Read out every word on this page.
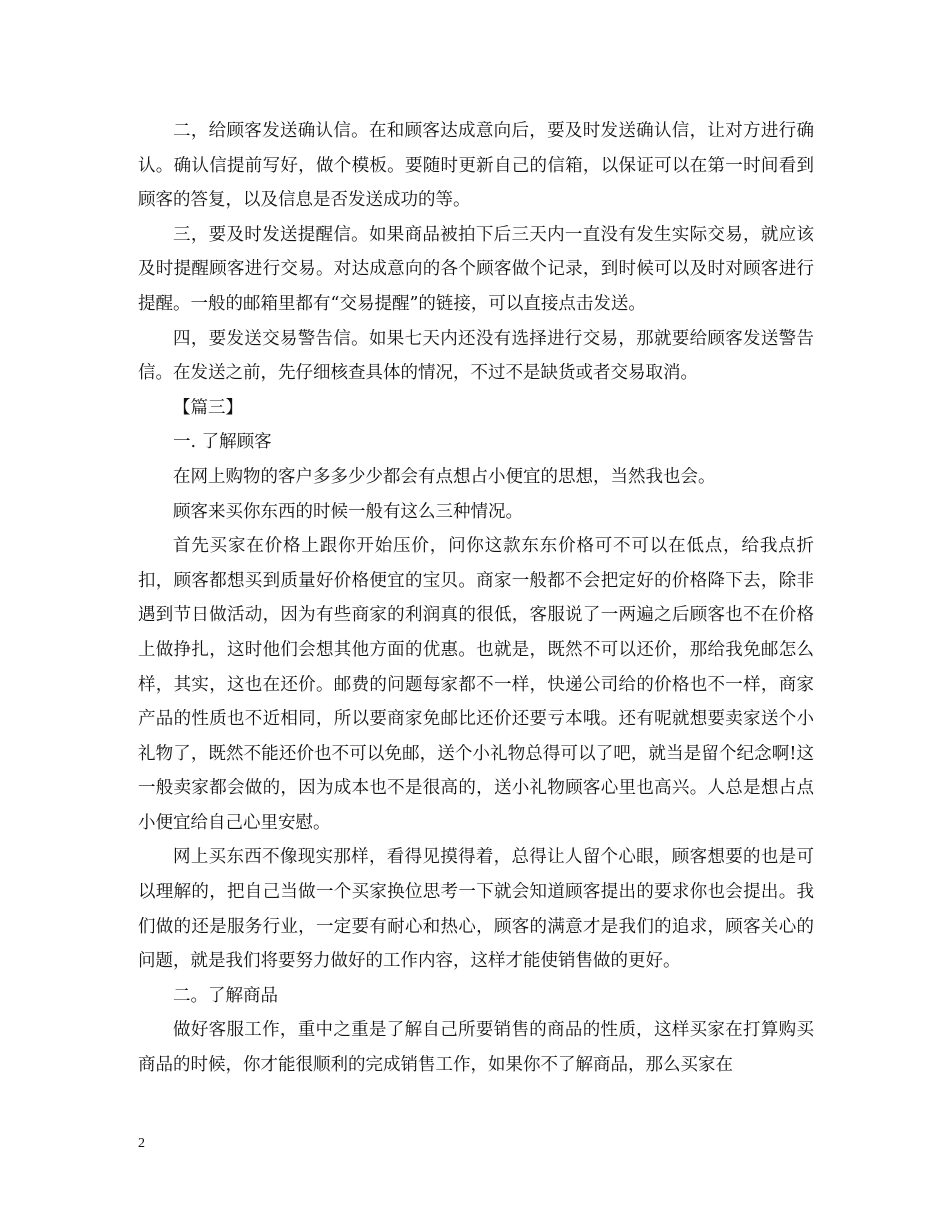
二，给顾客发送确认信。在和顾客达成意向后，要及时发送确认信，让对方进行确认。确认信提前写好，做个模板。要随时更新自己的信箱，以保证可以在第一时间看到顾客的答复，以及信息是否发送成功的等。

三，要及时发送提醒信。如果商品被拍下后三天内一直没有发生实际交易，就应该及时提醒顾客进行交易。对达成意向的各个顾客做个记录，到时候可以及时对顾客进行提醒。一般的邮箱里都有“交易提醒”的链接，可以直接点击发送。

四，要发送交易警告信。如果七天内还没有选择进行交易，那就要给顾客发送警告信。在发送之前，先仔细核查具体的情况，不过不是缺货或者交易取消。

【篇三】

一. 了解顾客

在网上购物的客户多多少少都会有点想占小便宜的思想，当然我也会。

顾客来买你东西的时候一般有这么三种情况。

首先买家在价格上跟你开始压价，问你这款东东价格可不可以在低点，给我点折扣，顾客都想买到质量好价格便宜的宝贝。商家一般都不会把定好的价格降下去，除非遇到节日做活动，因为有些商家的利润真的很低，客服说了一两遍之后顾客也不在价格上做挣扎，这时他们会想其他方面的优惠。也就是，既然不可以还价，那给我免邮怎么样，其实，这也在还价。邮费的问题每家都不一样，快递公司给的价格也不一样，商家产品的性质也不近相同，所以要商家免邮比还价还要亏本哦。还有呢就想要卖家送个小礼物了，既然不能还价也不可以免邮，送个小礼物总得可以了吧，就当是留个纪念啊!这一般卖家都会做的，因为成本也不是很高的，送小礼物顾客心里也高兴。人总是想占点小便宜给自己心里安慰。

网上买东西不像现实那样，看得见摸得着，总得让人留个心眼，顾客想要的也是可以理解的，把自己当做一个买家换位思考一下就会知道顾客提出的要求你也会提出。我们做的还是服务行业，一定要有耐心和热心，顾客的满意才是我们的追求，顾客关心的问题，就是我们将要努力做好的工作内容，这样才能使销售做的更好。

二。了解商品

做好客服工作，重中之重是了解自己所要销售的商品的性质，这样买家在打算购买商品的时候，你才能很顺利的完成销售工作，如果你不了解商品，那么买家在

2
